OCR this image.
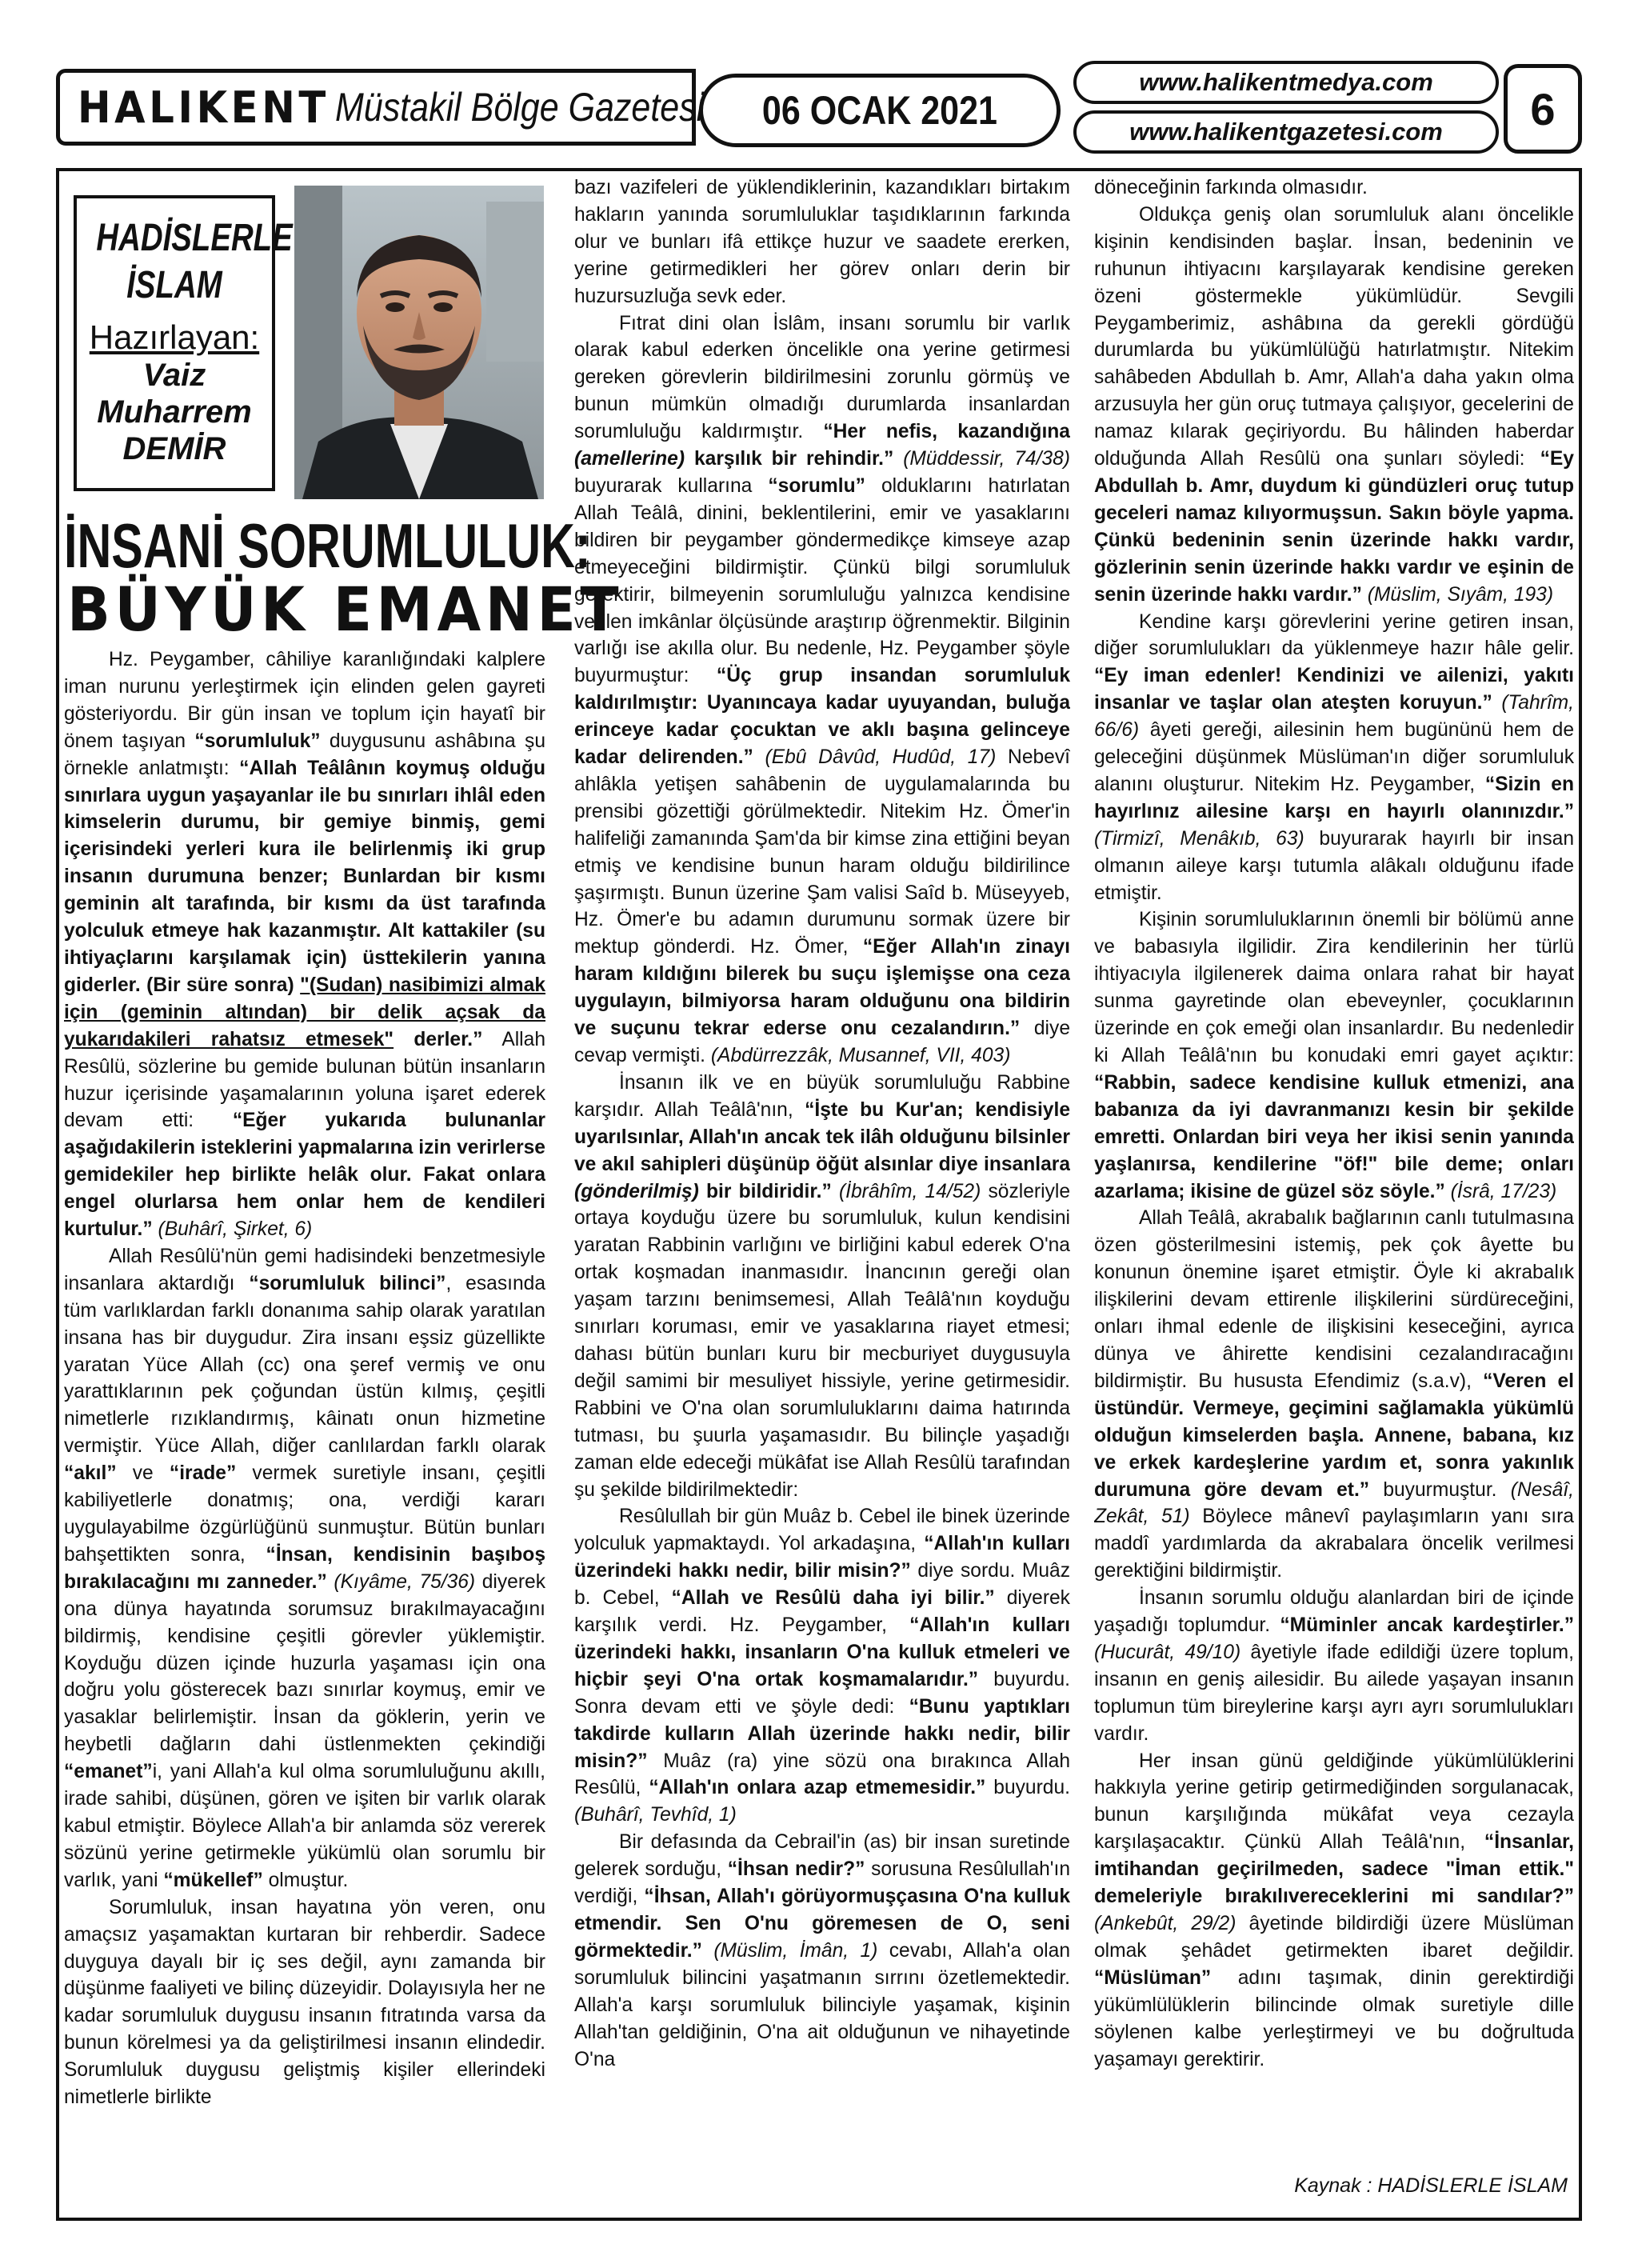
HALIKENT Müstakil Bölge Gazetesi 06 OCAK 2021
www.halikentmedya.com
www.halikentgazetesi.com	6
HADİSLERLE
İSLAM
Hazırlayan:
Vaiz
Muharrem
DEMİR
İNSANİ SORUMLULUK:
BÜYÜK EMANET

Hz. Peygamber, câhiliye karanlığındaki kalplere iman nurunu yerleştirmek için elinden gelen gayreti gösteriyordu. Bir gün insan ve toplum için hayatî bir önem taşıyan “sorumluluk” duygusunu ashâbına şu örnekle anlatmıştı: “Allah Teâlânın koymuş olduğu sınırlara uygun yaşayanlar ile bu sınırları ihlâl eden kimselerin durumu, bir gemiye binmiş, gemi içerisindeki yerleri kura ile belirlenmiş iki grup insanın durumuna benzer; Bunlardan bir kısmı geminin alt tarafında, bir kısmı da üst tarafında yolculuk etmeye hak kazanmıştır. Alt kattakiler (su ihtiyaçlarını karşılamak için) üsttekilerin yanına giderler. (Bir süre sonra) "(Sudan) nasibimizi almak için (geminin altından) bir delik açsak da yukarıdakileri rahatsız etmesek" derler.” Allah Resûlü, sözlerine bu gemide bulunan bütün insanların huzur içerisinde yaşamalarının yoluna işaret ederek devam etti: “Eğer yukarıda bulunanlar aşağıdakilerin isteklerini yapmalarına izin verirlerse gemidekiler hep birlikte helâk olur. Fakat onlara engel olurlarsa hem onlar hem de kendileri kurtulur.” (Buhârî, Şirket, 6)

Allah Resûlü'nün gemi hadisindeki benzetmesiyle insanlara aktardığı “sorumluluk bilinci”, esasında tüm varlıklardan farklı donanıma sahip olarak yaratılan insana has bir duygudur. Zira insanı eşsiz güzellikte yaratan Yüce Allah (cc) ona şeref vermiş ve onu yarattıklarının pek çoğundan üstün kılmış, çeşitli nimetlerle rızıklandırmış, kâinatı onun hizmetine vermiştir. Yüce Allah, diğer canlılardan farklı olarak “akıl” ve “irade” vermek suretiyle insanı, çeşitli kabiliyetlerle donatmış; ona, verdiği kararı uygulayabilme özgürlüğünü sunmuştur. Bütün bunları bahşettikten sonra, “İnsan, kendisinin başıboş bırakılacağını mı zanneder.” (Kıyâme, 75/36) diyerek ona dünya hayatında sorumsuz bırakılmayacağını bildirmiş, kendisine çeşitli görevler yüklemiştir. Koyduğu düzen içinde huzurla yaşaması için ona doğru yolu gösterecek bazı sınırlar koymuş, emir ve yasaklar belirlemiştir. İnsan da göklerin, yerin ve heybetli dağların dahi üstlenmekten çekindiği “emanet”i, yani Allah'a kul olma sorumluluğunu akıllı, irade sahibi, düşünen, gören ve işiten bir varlık olarak kabul etmiştir. Böylece Allah'a bir anlamda söz vererek sözünü yerine getirmekle yükümlü olan sorumlu bir varlık, yani “mükellef” olmuştur.

Sorumluluk, insan hayatına yön veren, onu amaçsız yaşamaktan kurtaran bir rehberdir. Sadece duyguya dayalı bir iç ses değil, aynı zamanda bir düşünme faaliyeti ve bilinç düzeyidir. Dolayısıyla her ne kadar sorumluluk duygusu insanın fıtratında varsa da bunun körelmesi ya da geliştirilmesi insanın elindedir. Sorumluluk duygusu geliştmiş kişiler ellerindeki nimetlerle birlikte

bazı vazifeleri de yüklendiklerinin, kazandıkları birtakım hakların yanında sorumluluklar taşıdıklarının farkında olur ve bunları ifâ ettikçe huzur ve saadete ererken, yerine getirmedikleri her görev onları derin bir huzursuzluğa sevk eder.

Fıtrat dini olan İslâm, insanı sorumlu bir varlık olarak kabul ederken öncelikle ona yerine getirmesi gereken görevlerin bildirilmesini zorunlu görmüş ve bunun mümkün olmadığı durumlarda insanlardan sorumluluğu kaldırmıştır. “Her nefis, kazandığına (amellerine) karşılık bir rehindir.” (Müddessir, 74/38) buyurarak kullarına “sorumlu” olduklarını hatırlatan Allah Teâlâ, dinini, beklentilerini, emir ve yasaklarını bildiren bir peygamber göndermedikçe kimseye azap etmeyeceğini bildirmiştir. Çünkü bilgi sorumluluk gerektirir, bilmeyenin sorumluluğu yalnızca kendisine verilen imkânlar ölçüsünde araştırıp öğrenmektir. Bilginin varlığı ise akılla olur. Bu nedenle, Hz. Peygamber şöyle buyurmuştur: “Üç grup insandan sorumluluk kaldırılmıştır: Uyanıncaya kadar uyuyandan, buluğa erinceye kadar çocuktan ve aklı başına gelinceye kadar delirenden.” (Ebû Dâvûd, Hudûd, 17) Nebevî ahlâkla yetişen sahâbenin de uygulamalarında bu prensibi gözettiği görülmektedir. Nitekim Hz. Ömer'in halifeliği zamanında Şam'da bir kimse zina ettiğini beyan etmiş ve kendisine bunun haram olduğu bildirilince şaşırmıştı. Bunun üzerine Şam valisi Saîd b. Müseyyeb, Hz. Ömer'e bu adamın durumunu sormak üzere bir mektup gönderdi. Hz. Ömer, “Eğer Allah'ın zinayı haram kıldığını bilerek bu suçu işlemişse ona ceza uygulayın, bilmiyorsa haram olduğunu ona bildirin ve suçunu tekrar ederse onu cezalandırın.” diye cevap vermişti. (Abdürrezzâk, Musannef, VII, 403)

İnsanın ilk ve en büyük sorumluluğu Rabbine karşıdır. Allah Teâlâ'nın, “İşte bu Kur'an; kendisiyle uyarılsınlar, Allah'ın ancak tek ilâh olduğunu bilsinler ve akıl sahipleri düşünüp öğüt alsınlar diye insanlara (gönderilmiş) bir bildiridir.” (İbrâhîm, 14/52) sözleriyle ortaya koyduğu üzere bu sorumluluk, kulun kendisini yaratan Rabbinin varlığını ve birliğini kabul ederek O'na ortak koşmadan inanmasıdır. İnancının gereği olan yaşam tarzını benimsemesi, Allah Teâlâ'nın koyduğu sınırları koruması, emir ve yasaklarına riayet etmesi; dahası bütün bunları kuru bir mecburiyet duygusuyla değil samimi bir mesuliyet hissiyle, yerine getirmesidir. Rabbini ve O'na olan sorumluluklarını daima hatırında tutması, bu şuurla yaşamasıdır. Bu bilinçle yaşadığı zaman elde edeceği mükâfat ise Allah Resûlü tarafından şu şekilde bildirilmektedir:

Resûlullah bir gün Muâz b. Cebel ile binek üzerinde yolculuk yapmaktaydı. Yol arkadaşına, “Allah'ın kulları üzerindeki hakkı nedir, bilir misin?” diye sordu. Muâz b. Cebel, “Allah ve Resûlü daha iyi bilir.” diyerek karşılık verdi. Hz. Peygamber, “Allah'ın kulları üzerindeki hakkı, insanların O'na kulluk etmeleri ve hiçbir şeyi O'na ortak koşmamalarıdır.” buyurdu. Sonra devam etti ve şöyle dedi: “Bunu yaptıkları takdirde kulların Allah üzerinde hakkı nedir, bilir misin?” Muâz (ra) yine sözü ona bırakınca Allah Resûlü, “Allah'ın onlara azap etmemesidir.” buyurdu. (Buhârî, Tevhîd, 1)

Bir defasında da Cebrail'in (as) bir insan suretinde gelerek sorduğu, “İhsan nedir?” sorusuna Resûlullah'ın verdiği, “İhsan, Allah'ı görüyormuşçasına O'na kulluk etmendir. Sen O'nu göremesen de O, seni görmektedir.” (Müslim, İmân, 1) cevabı, Allah'a olan sorumluluk bilincini yaşatmanın sırrını özetlemektedir. Allah'a karşı sorumluluk bilinciyle yaşamak, kişinin Allah'tan geldiğinin, O'na ait olduğunun ve nihayetinde O'na

döneceğinin farkında olmasıdır.

Oldukça geniş olan sorumluluk alanı öncelikle kişinin kendisinden başlar. İnsan, bedeninin ve ruhunun ihtiyacını karşılayarak kendisine gereken özeni göstermekle yükümlüdür. Sevgili Peygamberimiz, ashâbına da gerekli gördüğü durumlarda bu yükümlülüğü hatırlatmıştır. Nitekim sahâbeden Abdullah b. Amr, Allah'a daha yakın olma arzusuyla her gün oruç tutmaya çalışıyor, gecelerini de namaz kılarak geçiriyordu. Bu hâlinden haberdar olduğunda Allah Resûlü ona şunları söyledi: “Ey Abdullah b. Amr, duydum ki gündüzleri oruç tutup geceleri namaz kılıyormuşsun. Sakın böyle yapma. Çünkü bedeninin senin üzerinde hakkı vardır, gözlerinin senin üzerinde hakkı vardır ve eşinin de senin üzerinde hakkı vardır.” (Müslim, Sıyâm, 193)

Kendine karşı görevlerini yerine getiren insan, diğer sorumlulukları da yüklenmeye hazır hâle gelir. “Ey iman edenler! Kendinizi ve ailenizi, yakıtı insanlar ve taşlar olan ateşten koruyun.” (Tahrîm, 66/6) âyeti gereği, ailesinin hem bugününü hem de geleceğini düşünmek Müslüman'ın diğer sorumluluk alanını oluşturur. Nitekim Hz. Peygamber, “Sizin en hayırlınız ailesine karşı en hayırlı olanınızdır.” (Tirmizî, Menâkıb, 63) buyurarak hayırlı bir insan olmanın aileye karşı tutumla alâkalı olduğunu ifade etmiştir.

Kişinin sorumluluklarının önemli bir bölümü anne ve babasıyla ilgilidir. Zira kendilerinin her türlü ihtiyacıyla ilgilenerek daima onlara rahat bir hayat sunma gayretinde olan ebeveynler, çocuklarının üzerinde en çok emeği olan insanlardır. Bu nedenledir ki Allah Teâlâ'nın bu konudaki emri gayet açıktır: “Rabbin, sadece kendisine kulluk etmenizi, ana babanıza da iyi davranmanızı kesin bir şekilde emretti. Onlardan biri veya her ikisi senin yanında yaşlanırsa, kendilerine "öf!" bile deme; onları azarlama; ikisine de güzel söz söyle.” (İsrâ, 17/23)

Allah Teâlâ, akrabalık bağlarının canlı tutulmasına özen gösterilmesini istemiş, pek çok âyette bu konunun önemine işaret etmiştir. Öyle ki akrabalık ilişkilerini devam ettirenle ilişkilerini sürdüreceğini, onları ihmal edenle de ilişkisini keseceğini, ayrıca dünya ve âhirette kendisini cezalandıracağını bildirmiştir. Bu hususta Efendimiz (s.a.v), “Veren el üstündür. Vermeye, geçimini sağlamakla yükümlü olduğun kimselerden başla. Annene, babana, kız ve erkek kardeşlerine yardım et, sonra yakınlık durumuna göre devam et.” buyurmuştur. (Nesâî, Zekât, 51) Böylece mânevî paylaşımların yanı sıra maddî yardımlarda da akrabalara öncelik verilmesi gerektiğini bildirmiştir.

İnsanın sorumlu olduğu alanlardan biri de içinde yaşadığı toplumdur. “Müminler ancak kardeştirler.” (Hucurât, 49/10) âyetiyle ifade edildiği üzere toplum, insanın en geniş ailesidir. Bu ailede yaşayan insanın toplumun tüm bireylerine karşı ayrı ayrı sorumlulukları vardır.

Her insan günü geldiğinde yükümlülüklerini hakkıyla yerine getirip getirmediğinden sorgulanacak, bunun karşılığında mükâfat veya cezayla karşılaşacaktır. Çünkü Allah Teâlâ'nın, “İnsanlar, imtihandan geçirilmeden, sadece "İman ettik." demeleriyle bırakılıvereceklerini mi sandılar?” (Ankebût, 29/2) âyetinde bildirdiği üzere Müslüman olmak şehâdet getirmekten ibaret değildir. “Müslüman” adını taşımak, dinin gerektirdiği yükümlülüklerin bilincinde olmak suretiyle dille söylenen kalbe yerleştirmeyi ve bu doğrultuda yaşamayı gerektirir.

Kaynak : HADİSLERLE İSLAM
